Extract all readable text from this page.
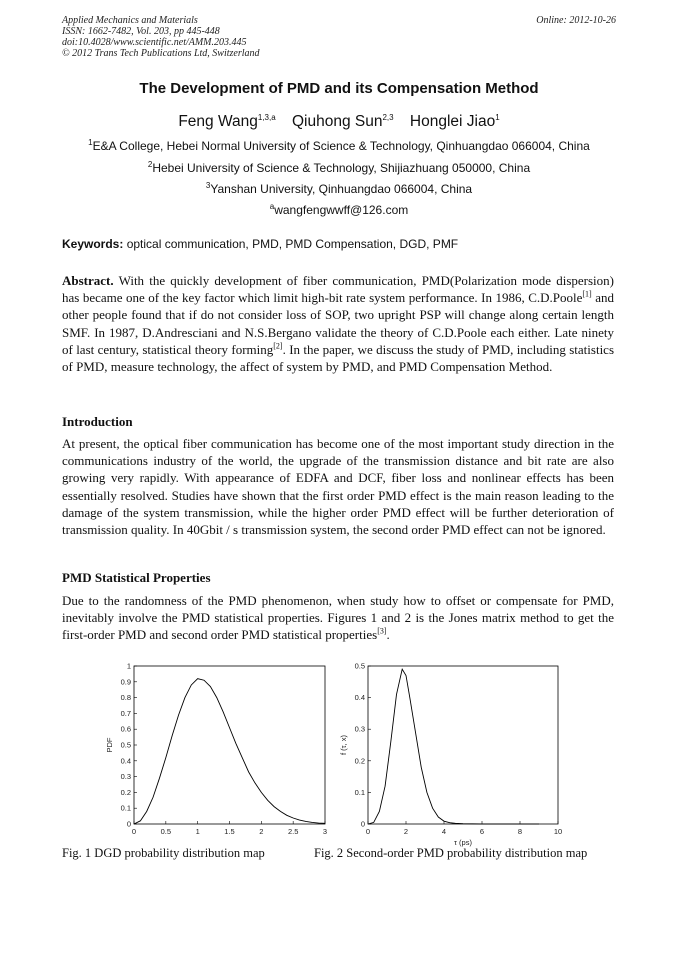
Applied Mechanics and Materials
ISSN: 1662-7482, Vol. 203, pp 445-448
doi:10.4028/www.scientific.net/AMM.203.445
© 2012 Trans Tech Publications Ltd, Switzerland
Online: 2012-10-26
The Development of PMD and its Compensation Method
Feng Wang$^{1,3,a}$ Qiuhong Sun$^{2,3}$ Honglei Jiao$^1$
$^1$E&A College, Hebei Normal University of Science & Technology, Qinhuangdao 066004, China
$^2$Hebei University of Science & Technology, Shijiazhuang 050000, China
$^3$Yanshan University, Qinhuangdao 066004, China
$^a$wangfengwwff@126.com
Keywords: optical communication, PMD, PMD Compensation, DGD, PMF
Abstract. With the quickly development of fiber communication, PMD(Polarization mode dispersion) has became one of the key factor which limit high-bit rate system performance. In 1986, C.D.Poole[1] and other people found that if do not consider loss of SOP, two upright PSP will change along certain length SMF. In 1987, D.Andresciani and N.S.Bergano validate the theory of C.D.Poole each either. Late ninety of last century, statistical theory forming[2]. In the paper, we discuss the study of PMD, including statistics of PMD, measure technology, the affect of system by PMD, and PMD Compensation Method.
Introduction
At present, the optical fiber communication has become one of the most important study direction in the communications industry of the world, the upgrade of the transmission distance and bit rate are also growing very rapidly. With appearance of EDFA and DCF, fiber loss and nonlinear effects has been essentially resolved. Studies have shown that the first order PMD effect is the main reason leading to the damage of the system transmission, while the higher order PMD effect will be further deterioration of transmission quality. In 40Gbit / s transmission system, the second order PMD effect can not be ignored.
PMD Statistical Properties
Due to the randomness of the PMD phenomenon, when study how to offset or compensate for PMD, inevitably involve the PMD statistical properties. Figures 1 and 2 is the Jones matrix method to get the first-order PMD and second order PMD statistical properties[3].
0	0.5	1	1.5	2	2.5	3
0
0.1
0.2
0.3
0.4
0.5
0.6
0.7
0.8
0.9
1
PDF
0	2	4	6	8	10
0
0.1
0.2
0.3
0.4
0.5
f (τ, x)
τ (ps)
Fig. 1 DGD probability distribution map	Fig. 2 Second-order PMD probability distribution map
